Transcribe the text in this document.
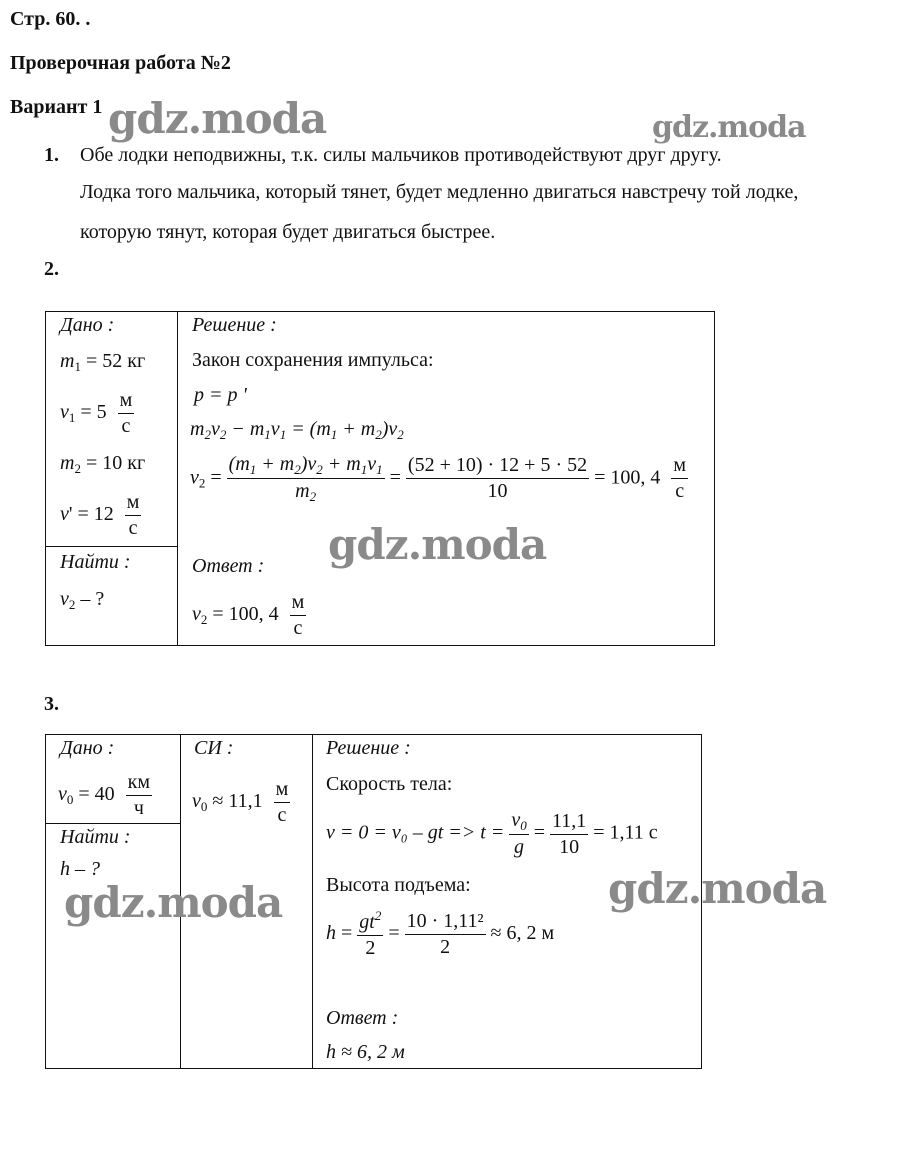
Стр. 60. .
Проверочная работа №2
Вариант 1
1. Обе лодки неподвижны, т.к. силы мальчиков противодействуют друг другу.
Лодка того мальчика, который тянет, будет медленно двигаться навстречу той лодке,
которую тянут, которая будет двигаться быстрее.
2.
Дано :
$m_1 = 52$ кг
$v_1 = 5 \frac{м}{с}$
$m_2 = 10$ кг
$v' = 12 \frac{м}{с}$
Найти :
$v_2$ – ?
Решение :
Закон сохранения импульса:
p = p '
$m_2v_2 - m_1v_1 = (m_1 + m_2)v_2$
$v_2 = \frac{(m_1 + m_2)v_2 + m_1v_1}{m_2} = \frac{(52 + 10) \cdot 12 + 5 \cdot 52}{10} = 100$, $4 \frac{м}{с}$
Ответ :
$v_2 = 100$, $4 \frac{м}{с}$
3.
Дано :
$v_0 = 40 \frac{км}{ч}$
Найти :
h – ?
СИ :
$v_0 \approx 11,1 \frac{м}{с}$
Решение :
Скорость тела:
v = 0 = v₀ – gt => $t = \frac{v_0}{g} = \frac{11,1}{10} = 1,11$ с
Высота подъема:
$h = \frac{gt^2}{2} = \frac{\text{10 · 1,11²}}{2} \approx 6$, 2 м
Ответ :
h ≈ 6, 2 м
gdz.moda	gdz.moda
gdz.moda
gdz.moda	gdz.moda
